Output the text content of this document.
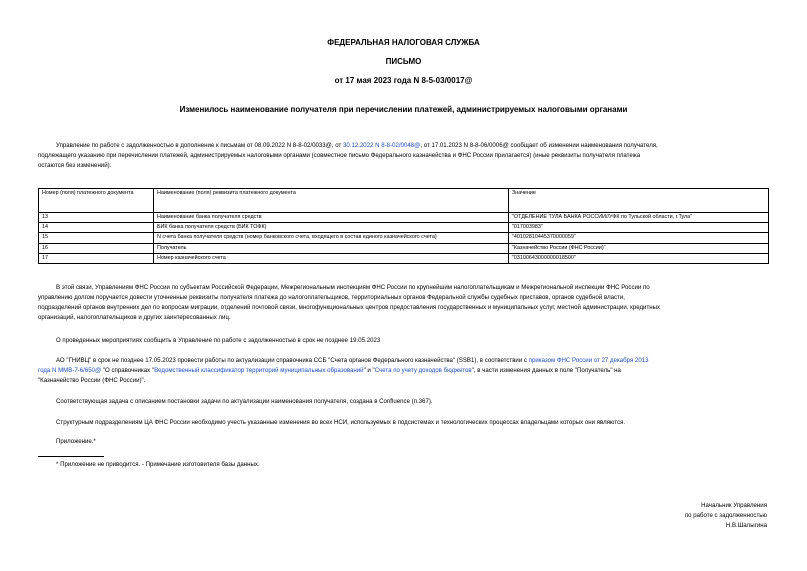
ФЕДЕРАЛЬНАЯ НАЛОГОВАЯ СЛУЖБА
ПИСЬМО
от 17 мая 2023 года N 8-5-03/0017@
Изменилось наименование получателя при перечислении платежей, администрируемых налоговыми органами
Управление по работе с задолженностью в дополнение к письмам от 08.09.2022 N 8-8-02/0033@, от 30.12.2022 N 8-8-02/0048@, от 17.01.2023 N 8-8-06/0006@ сообщает об изменении наименования получателя,
подлежащего указанию при перечислении платежей, администрируемых налоговыми органами (совместное письмо Федерального казначейства и ФНС России прилагается) (иные реквизиты получателя платежа
остаются без изменений):
Номер (поля) платежного документа	Наименование (поля) реквизита платежного документа	Значение
13	Наименование банка получателя средств	"ОТДЕЛЕНИЕ ТУЛА БАНКА РОССИИ//УФК по Тульской области, г.Тула"
14	БИК банка получателя средств (БИК ТОФК)	"017003983"
15	N счета банка получателя средств (номер банковского счета, входящего в состав единого казначейского счета)	"40102810445370000059"
16	Получатель	"Казначейство России (ФНС России)"
17	Номер казначейского счета	"03100643000000018500"
В этой связи, Управлениям ФНС России по субъектам Российской Федерации, Межрегиональным инспекциям ФНС России по крупнейшим налогоплательщикам и Межрегиональной инспекции ФНС России по
управлению долгом поручается довести уточненные реквизиты получателя платежа до налогоплательщиков, территориальных органов Федеральной службы судебных приставов, органов судебной власти,
подразделений органов внутренних дел по вопросам миграции, отделений почтовой связи, многофункциональных центров предоставления государственных и муниципальных услуг, местной администрации, кредитных
организаций, налогоплательщиков и других заинтересованных лиц.
О проведенных мероприятиях сообщить в Управление по работе с задолженностью в срок не позднее 19.05.2023
АО "ГНИВЦ" в срок не позднее 17.05.2023 провести работы по актуализации справочника ССБ "Счета органов Федерального казначейства" (SSB1), в соответствии с приказом ФНС России от 27 декабря 2013
года N ММВ-7-6/650@ "О справочниках "Ведомственный классификатор территорий муниципальных образований" и "Счета по учету доходов бюджетов", в части изменения данных в поле "Получатель" на
"Казначейство России (ФНС России)".
Соответствующая задача с описанием постановки задачи по актуализации наименования получателя, создана в Confluence (п.367).
Структурным подразделениям ЦА ФНС России необходимо учесть указанные изменения во всех НСИ, используемых в подсистемах и технологических процессах владельцами которых они являются.
Приложение.*
* Приложение не приводится. - Примечание изготовителя базы данных.
Начальник Управления
по работе с задолженностью
Н.В.Шалыгина
